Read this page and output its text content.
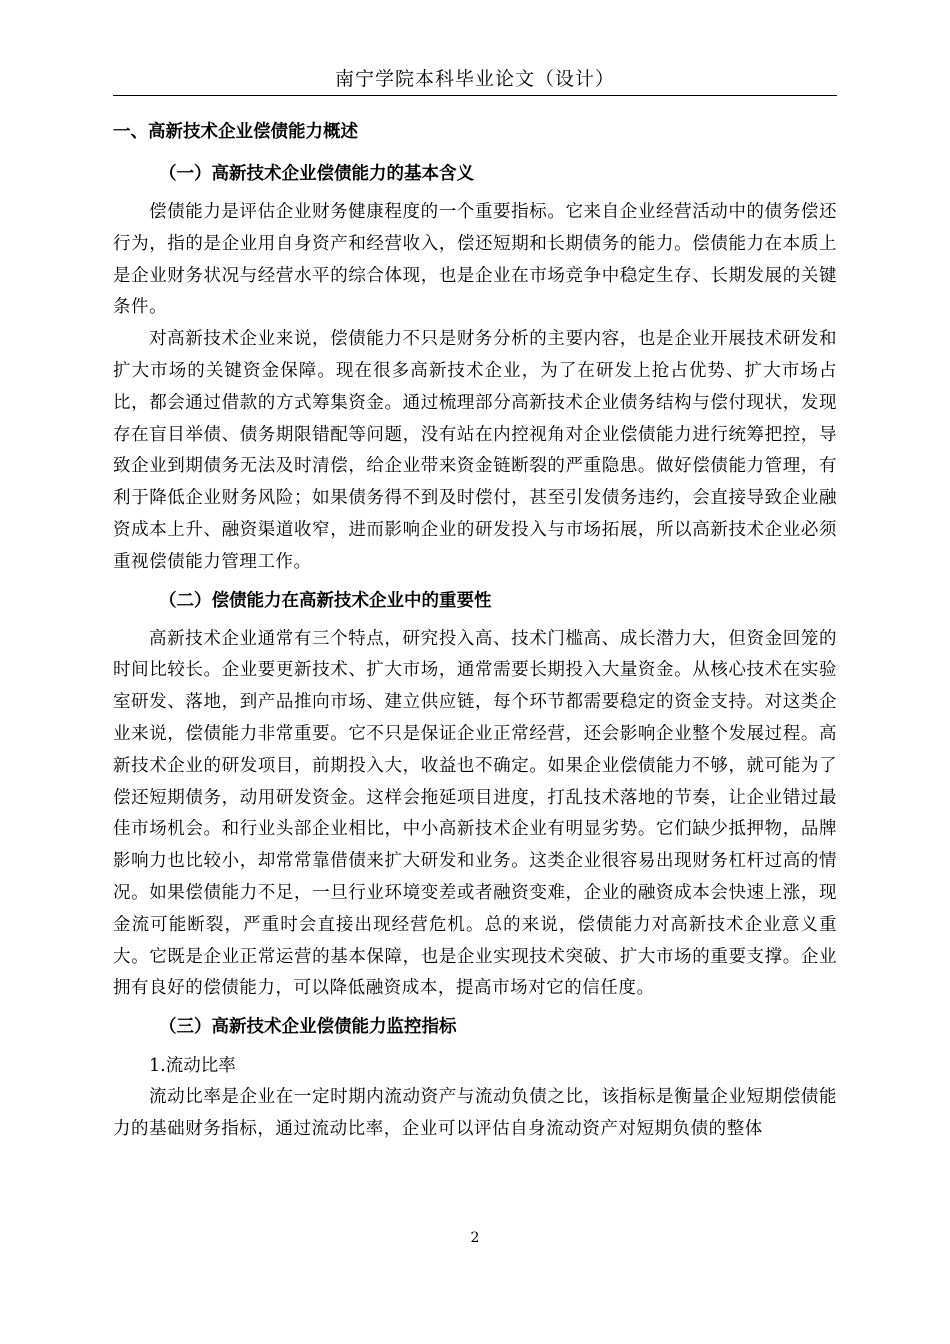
南宁学院本科毕业论文（设计）
一、高新技术企业偿债能力概述
（一）高新技术企业偿债能力的基本含义

偿债能力是评估企业财务健康程度的一个重要指标。它来自企业经营活动中的债务偿还行为，指的是企业用自身资产和经营收入，偿还短期和长期债务的能力。偿债能力在本质上是企业财务状况与经营水平的综合体现，也是企业在市场竞争中稳定生存、长期发展的关键条件。

对高新技术企业来说，偿债能力不只是财务分析的主要内容，也是企业开展技术研发和扩大市场的关键资金保障。现在很多高新技术企业，为了在研发上抢占优势、扩大市场占比，都会通过借款的方式筹集资金。通过梳理部分高新技术企业债务结构与偿付现状，发现存在盲目举债、债务期限错配等问题，没有站在内控视角对企业偿债能力进行统筹把控，导致企业到期债务无法及时清偿，给企业带来资金链断裂的严重隐患。做好偿债能力管理，有利于降低企业财务风险；如果债务得不到及时偿付，甚至引发债务违约，会直接导致企业融资成本上升、融资渠道收窄，进而影响企业的研发投入与市场拓展，所以高新技术企业必须重视偿债能力管理工作。

（二）偿债能力在高新技术企业中的重要性

高新技术企业通常有三个特点，研究投入高、技术门槛高、成长潜力大，但资金回笼的时间比较长。企业要更新技术、扩大市场，通常需要长期投入大量资金。从核心技术在实验室研发、落地，到产品推向市场、建立供应链，每个环节都需要稳定的资金支持。对这类企业来说，偿债能力非常重要。它不只是保证企业正常经营，还会影响企业整个发展过程。高新技术企业的研发项目，前期投入大，收益也不确定。如果企业偿债能力不够，就可能为了偿还短期债务，动用研发资金。这样会拖延项目进度，打乱技术落地的节奏，让企业错过最佳市场机会。和行业头部企业相比，中小高新技术企业有明显劣势。它们缺少抵押物，品牌影响力也比较小，却常常靠借债来扩大研发和业务。这类企业很容易出现财务杠杆过高的情况。如果偿债能力不足，一旦行业环境变差或者融资变难，企业的融资成本会快速上涨，现金流可能断裂，严重时会直接出现经营危机。总的来说，偿债能力对高新技术企业意义重大。它既是企业正常运营的基本保障，也是企业实现技术突破、扩大市场的重要支撑。企业拥有良好的偿债能力，可以降低融资成本，提高市场对它的信任度。

（三）高新技术企业偿债能力监控指标
1.流动比率

流动比率是企业在一定时期内流动资产与流动负债之比，该指标是衡量企业短期偿债能力的基础财务指标，通过流动比率，企业可以评估自身流动资产对短期负债的整体

2
